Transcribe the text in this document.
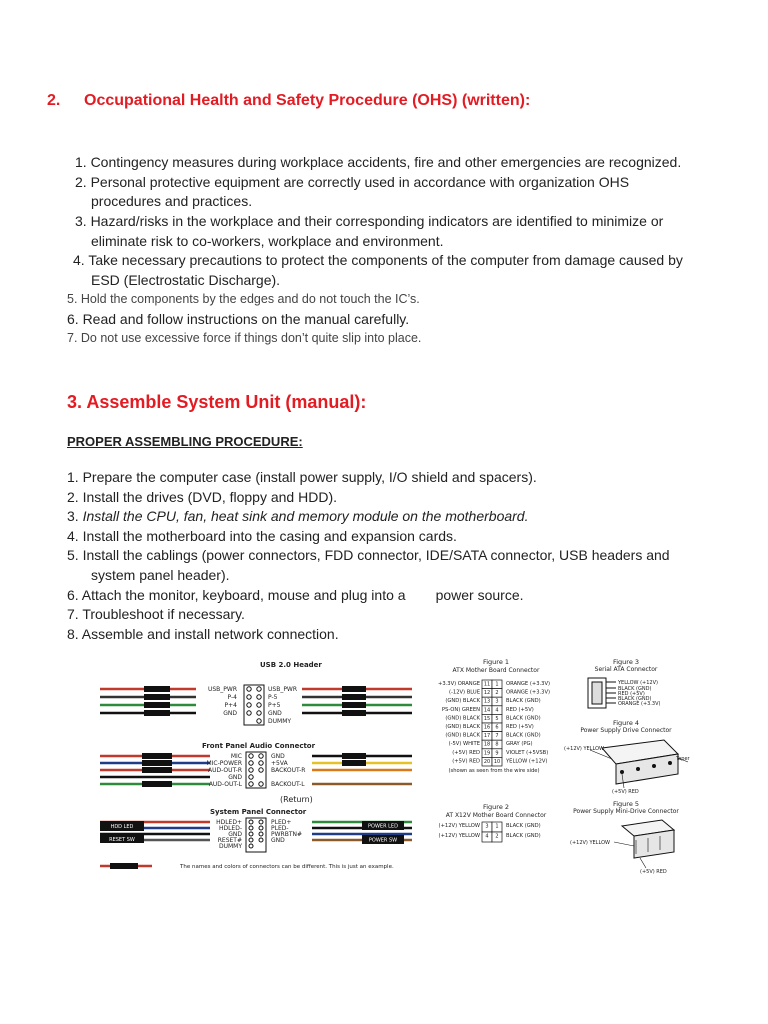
2. Occupational Health and Safety Procedure (OHS) (written):
1. Contingency measures during workplace accidents, fire and other emergencies are recognized.
2. Personal protective equipment are correctly used in accordance with organization OHS
procedures and practices.
3. Hazard/risks in the workplace and their corresponding indicators are identified to minimize or
eliminate risk to co-workers, workplace and environment.
4. Take necessary precautions to protect the components of the computer from damage caused by
ESD (Electrostatic Discharge).
5. Hold the components by the edges and do not touch the IC’s.
6. Read and follow instructions on the manual carefully.
7. Do not use excessive force if things don’t quite slip into place.
3. Assemble System Unit (manual):
PROPER ASSEMBLING PROCEDURE:
1. Prepare the computer case (install power supply, I/O shield and spacers).
2. Install the drives (DVD, floppy and HDD).
3. Install the CPU, fan, heat sink and memory module on the motherboard.
4. Install the motherboard into the casing and expansion cards.
5. Install the cablings (power connectors, FDD connector, IDE/SATA connector, USB headers and
system panel header).
6. Attach the monitor, keyboard, mouse and plug into a power source.
7. Troubleshoot if necessary.
8. Assemble and install network connection.
USB 2.0 Header
USB_PWR
P-4
P+4
GND
USB_PWR
P-5
P+5
GND
DUMMY
Front Panel Audio Connector
MIC
MIC-POWER
AUD-OUT-R
GND
AUD-OUT-L
GND
+5VA
BACKOUT-R
BACKOUT-L
(Return)
System Panel Connector
HDD LED
RESET SW
HDLED+
HDLED-
GND
RESET#
DUMMY
PLED+
PLED-
PWRBTN#
GND
POWER LED
POWER SW
The names and colors of connectors can be different. This is just an example.
Figure 1
ATX Mother Board Connector
+3.3V) ORANGE 11 1 ORANGE (+3.3V)
(-12V) BLUE 12 2 ORANGE (+3.3V)
(GND) BLACK 13 3 BLACK (GND)
PS-ON) GREEN 14 4 RED (+5V)
(GND) BLACK 15 5 BLACK (GND)
(GND) BLACK 16 6 RED (+5V)
(GND) BLACK 17 7 BLACK (GND)
(-5V) WHITE 18 8 GRAY (PG)
(+5V) RED 19 9 VIOLET (+5VSB)
(+5V) RED 20 10 YELLOW (+12V)
(shown as seen from the wire side)
Figure 2
AT X12V Mother Board Connector
(+12V) YELLOW 3 1 BLACK (GND)
(+12V) YELLOW 4 2 BLACK (GND)
Figure 3
Serial ATA Connector
YELLOW (+12V)
BLACK (GND)
RED (+5V)
BLACK (GND)
ORANGE (+3.3V)
Figure 4
Power Supply Drive Connector
(+12V) YELLOW
(+5V) RED
Taper
Figure 5
Power Supply Mini-Drive Connector
(+12V) YELLOW
(+5V) RED
